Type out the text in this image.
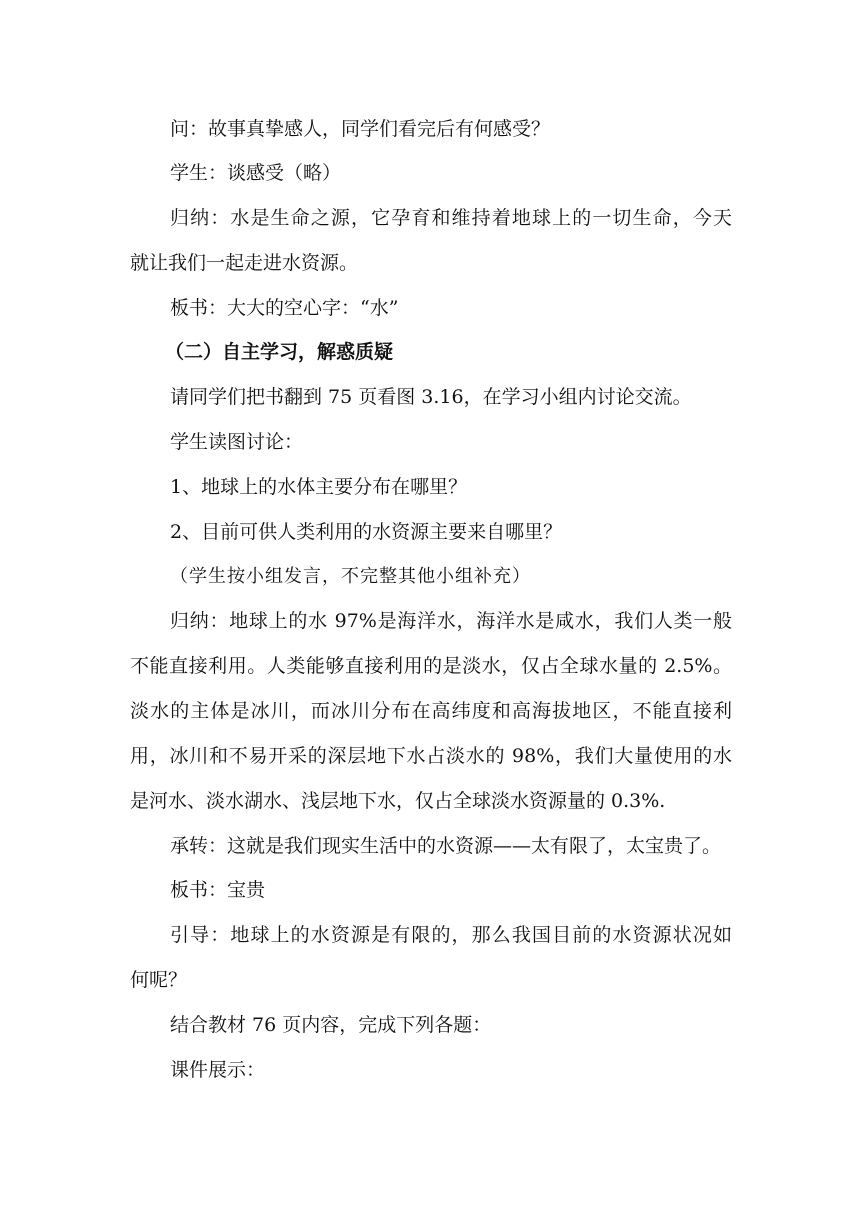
问：故事真挚感人，同学们看完后有何感受？
学生：谈感受（略）
归纳：水是生命之源，它孕育和维持着地球上的一切生命，今天
就让我们一起走进水资源。
板书：大大的空心字：“水”
（二）自主学习，解惑质疑
请同学们把书翻到 75 页看图 3.16，在学习小组内讨论交流。
学生读图讨论：
1、地球上的水体主要分布在哪里？
2、目前可供人类利用的水资源主要来自哪里？
（学生按小组发言，不完整其他小组补充）
归纳：地球上的水 97%是海洋水，海洋水是咸水，我们人类一般
不能直接利用。人类能够直接利用的是淡水，仅占全球水量的 2.5%。
淡水的主体是冰川，而冰川分布在高纬度和高海拔地区，不能直接利
用，冰川和不易开采的深层地下水占淡水的 98%，我们大量使用的水
是河水、淡水湖水、浅层地下水，仅占全球淡水资源量的 0.3%.
承转：这就是我们现实生活中的水资源——太有限了，太宝贵了。
板书：宝贵
引导：地球上的水资源是有限的，那么我国目前的水资源状况如
何呢？
结合教材 76 页内容，完成下列各题：
课件展示：
